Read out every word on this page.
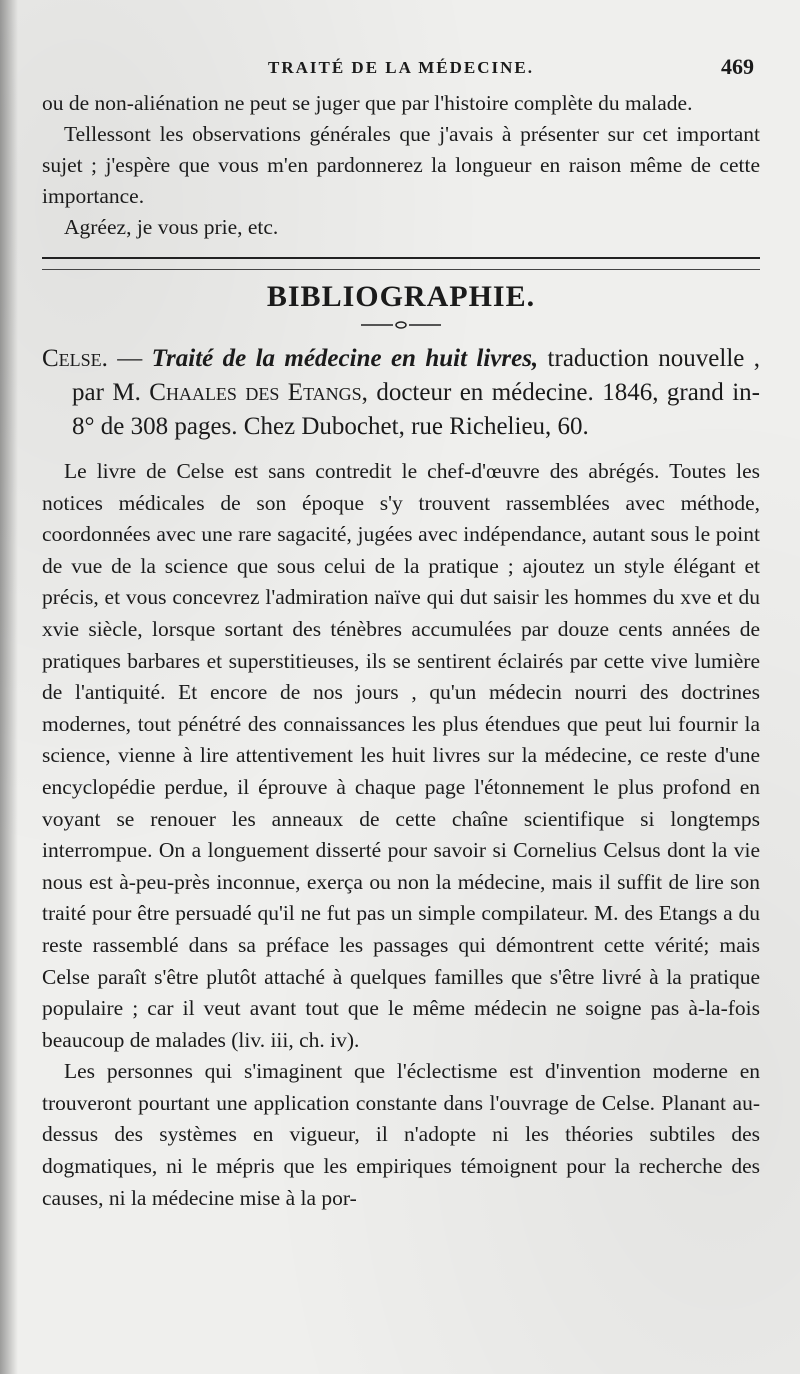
TRAITÉ DE LA MÉDECINE.	469

ou de non-aliénation ne peut se juger que par l'histoire complète du malade.

Tellessont les observations générales que j'avais à présenter sur cet important sujet ; j'espère que vous m'en pardonnerez la longueur en raison même de cette importance.

Agréez, je vous prie, etc.

BIBLIOGRAPHIE.
Celse. — Traité de la médecine en huit livres, traduction nouvelle , par M. Chaales des Etangs, docteur en médecine. 1846, grand in-8° de 308 pages. Chez Dubochet, rue Richelieu, 60.

Le livre de Celse est sans contredit le chef-d'œuvre des abrégés. Toutes les notices médicales de son époque s'y trouvent rassemblées avec méthode, coordonnées avec une rare sagacité, jugées avec indépendance, autant sous le point de vue de la science que sous celui de la pratique ; ajoutez un style élégant et précis, et vous concevrez l'admiration naïve qui dut saisir les hommes du xve et du xvie siècle, lorsque sortant des ténèbres accumulées par douze cents années de pratiques barbares et superstitieuses, ils se sentirent éclairés par cette vive lumière de l'antiquité. Et encore de nos jours , qu'un médecin nourri des doctrines modernes, tout pénétré des connaissances les plus étendues que peut lui fournir la science, vienne à lire attentivement les huit livres sur la médecine, ce reste d'une encyclopédie perdue, il éprouve à chaque page l'étonnement le plus profond en voyant se renouer les anneaux de cette chaîne scientifique si longtemps interrompue. On a longuement disserté pour savoir si Cornelius Celsus dont la vie nous est à-peu-près inconnue, exerça ou non la médecine, mais il suffit de lire son traité pour être persuadé qu'il ne fut pas un simple compilateur. M. des Etangs a du reste rassemblé dans sa préface les passages qui démontrent cette vérité; mais Celse paraît s'être plutôt attaché à quelques familles que s'être livré à la pratique populaire ; car il veut avant tout que le même médecin ne soigne pas à-la-fois beaucoup de malades (liv. iii, ch. iv).

Les personnes qui s'imaginent que l'éclectisme est d'invention moderne en trouveront pourtant une application constante dans l'ouvrage de Celse. Planant au-dessus des systèmes en vigueur, il n'adopte ni les théories subtiles des dogmatiques, ni le mépris que les empiriques témoignent pour la recherche des causes, ni la médecine mise à la por-
